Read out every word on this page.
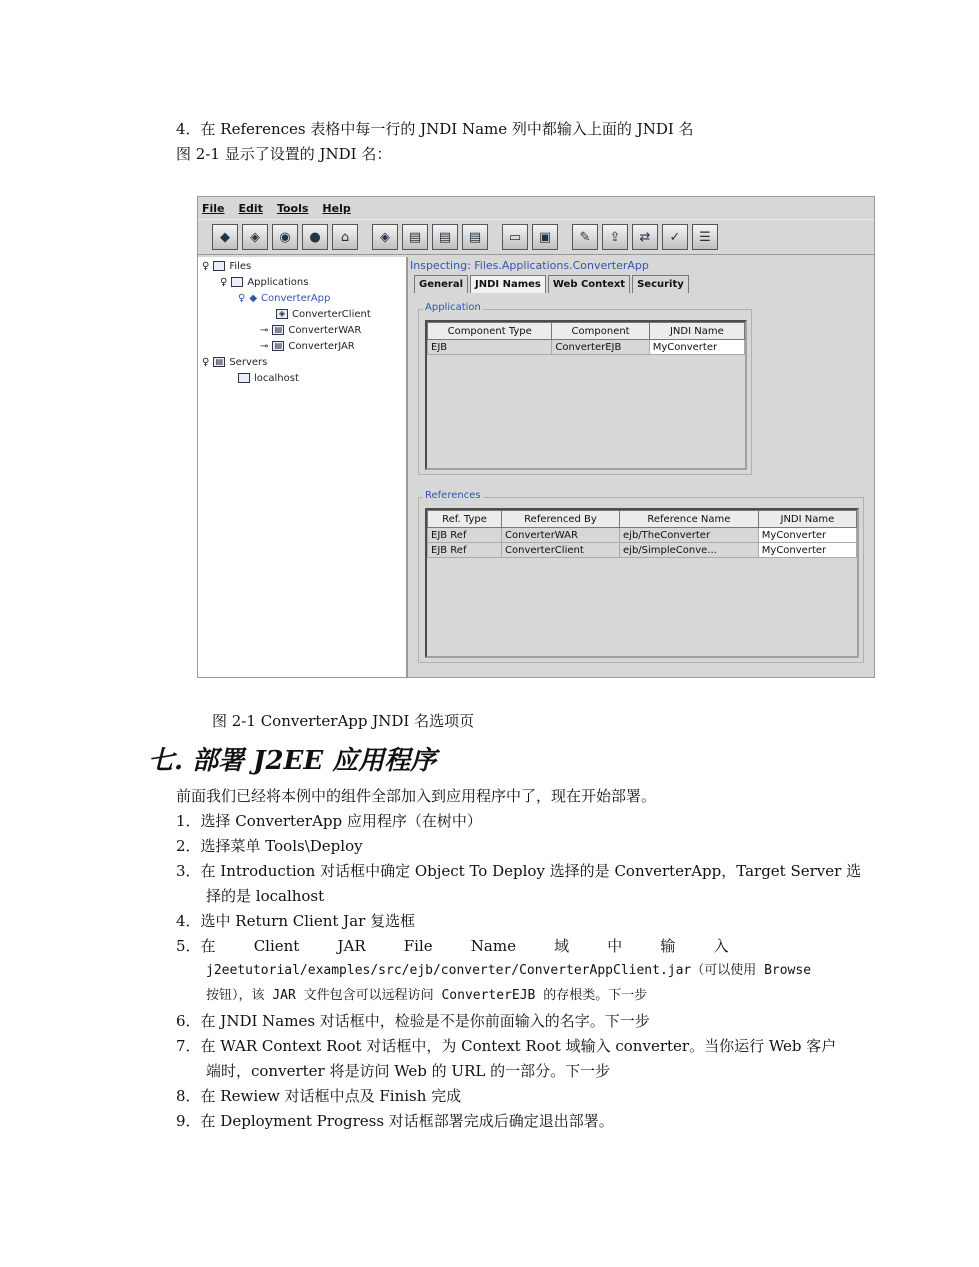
4．在 References 表格中每一行的 JNDI Name 列中都输入上面的 JNDI 名
图 2-1 显示了设置的 JNDI 名：
File Edit Tools Help
◆	◈	◉	●	⌂	◈	▤	▤	▤	▭	▣	✎	⇪	⇄	✓	☰
♀ Files
♀ Applications
♀ ◆ ConverterApp
◈ ConverterClient
⊸ ▤ ConverterWAR
⊸ ▤ ConverterJAR
♀ ▤ Servers
localhost
Inspecting: Files.Applications.ConverterApp
General	JNDI Names	Web Context	Security
Application
Component Type	Component	JNDI Name
EJB	ConverterEJB	MyConverter
References
Ref. Type	Referenced By	Reference Name	JNDI Name
EJB Ref	ConverterWAR	ejb/TheConverter	MyConverter
EJB Ref	ConverterClient	ejb/SimpleConve...	MyConverter
图 2-1 ConverterApp JNDI 名选项页
七. 部署 J2EE 应用程序
前面我们已经将本例中的组件全部加入到应用程序中了，现在开始部署。
1．选择 ConverterApp 应用程序（在树中）
2．选择菜单 Tools\Deploy
3．在 Introduction 对话框中确定 Object To Deploy 选择的是 ConverterApp，Target Server 选
择的是 localhost
4．选中 Return Client Jar 复选框
5．在        Client        JAR        File        Name        域        中        输        入
j2eetutorial/examples/src/ejb/converter/ConverterAppClient.jar（可以使用 Browse
按钮），该 JAR 文件包含可以远程访问 ConverterEJB 的存根类。下一步
6．在 JNDI Names 对话框中，检验是不是你前面输入的名字。下一步
7．在 WAR Context Root 对话框中，为 Context Root 域输入 converter。当你运行 Web 客户
端时，converter 将是访问 Web 的 URL 的一部分。下一步
8．在 Rewiew 对话框中点及 Finish 完成
9．在 Deployment Progress 对话框部署完成后确定退出部署。
